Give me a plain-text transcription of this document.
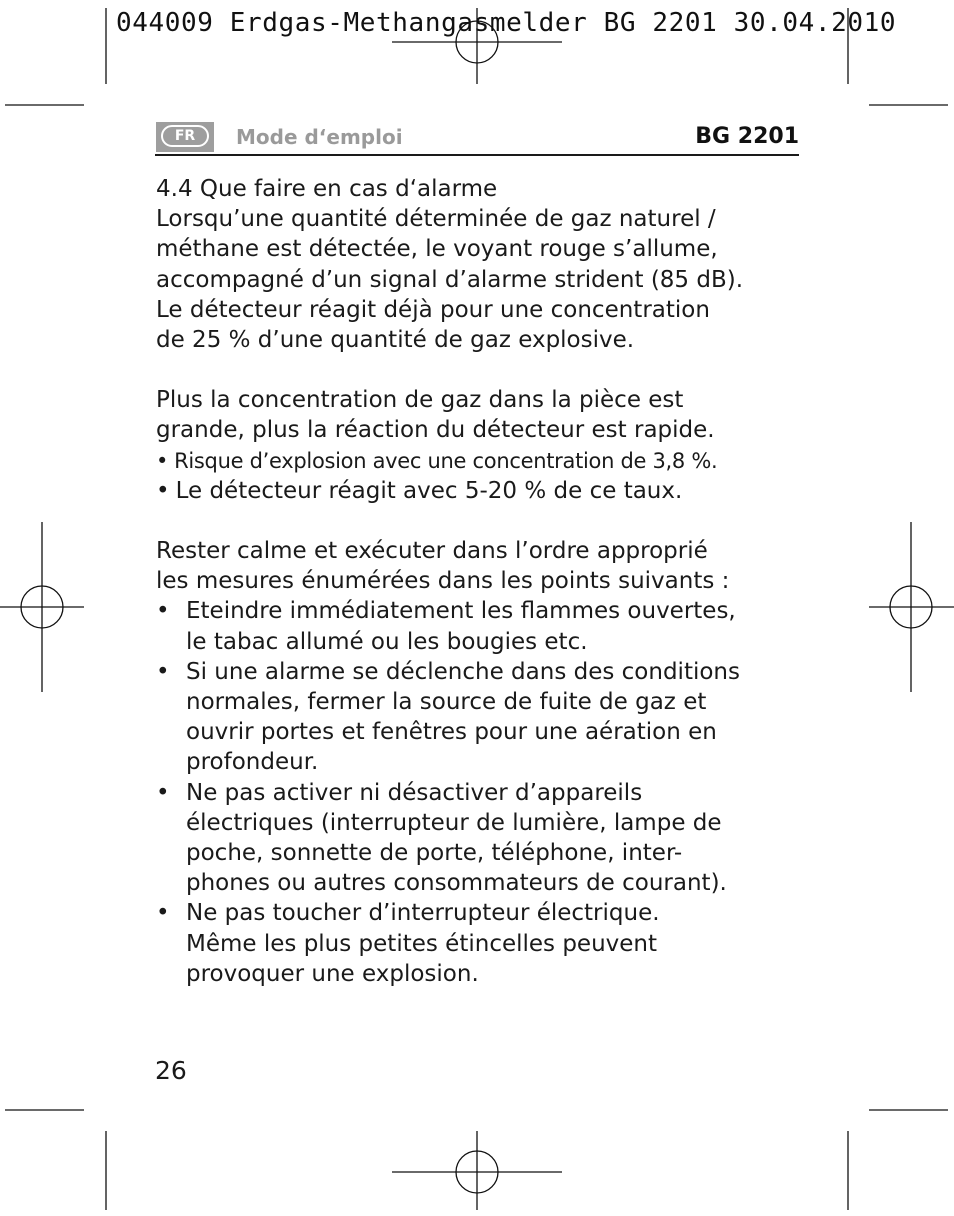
044009 Erdgas-Methangasmelder BG 2201 30.04.2010
FR	Mode d‘emploi	BG 2201

4.4 Que faire en cas d‘alarme

Lorsqu’une quantité déterminée de gaz naturel /

méthane est détectée, le voyant rouge s’allume,

accompagné d’un signal d’alarme strident (85 dB).

Le détecteur réagit déjà pour une concentration

de 25 % d’une quantité de gaz explosive.

Plus la concentration de gaz dans la pièce est

grande, plus la réaction du détecteur est rapide.

• Risque d’explosion avec une concentration de 3,8 %.

• Le détecteur réagit avec 5-20 % de ce taux.

Rester calme et exécuter dans l’ordre approprié

les mesures énumérées dans les points suivants :

• Eteindre immédiatement les flammes ouvertes,
le tabac allumé ou les bougies etc.
• Si une alarme se déclenche dans des conditions
normales, fermer la source de fuite de gaz et
ouvrir portes et fenêtres pour une aération en
profondeur.
• Ne pas activer ni désactiver d’appareils
électriques (interrupteur de lumière, lampe de
poche, sonnette de porte, téléphone, inter-
phones ou autres consommateurs de courant).
• Ne pas toucher d’interrupteur électrique.
Même les plus petites étincelles peuvent
provoquer une explosion.
26
